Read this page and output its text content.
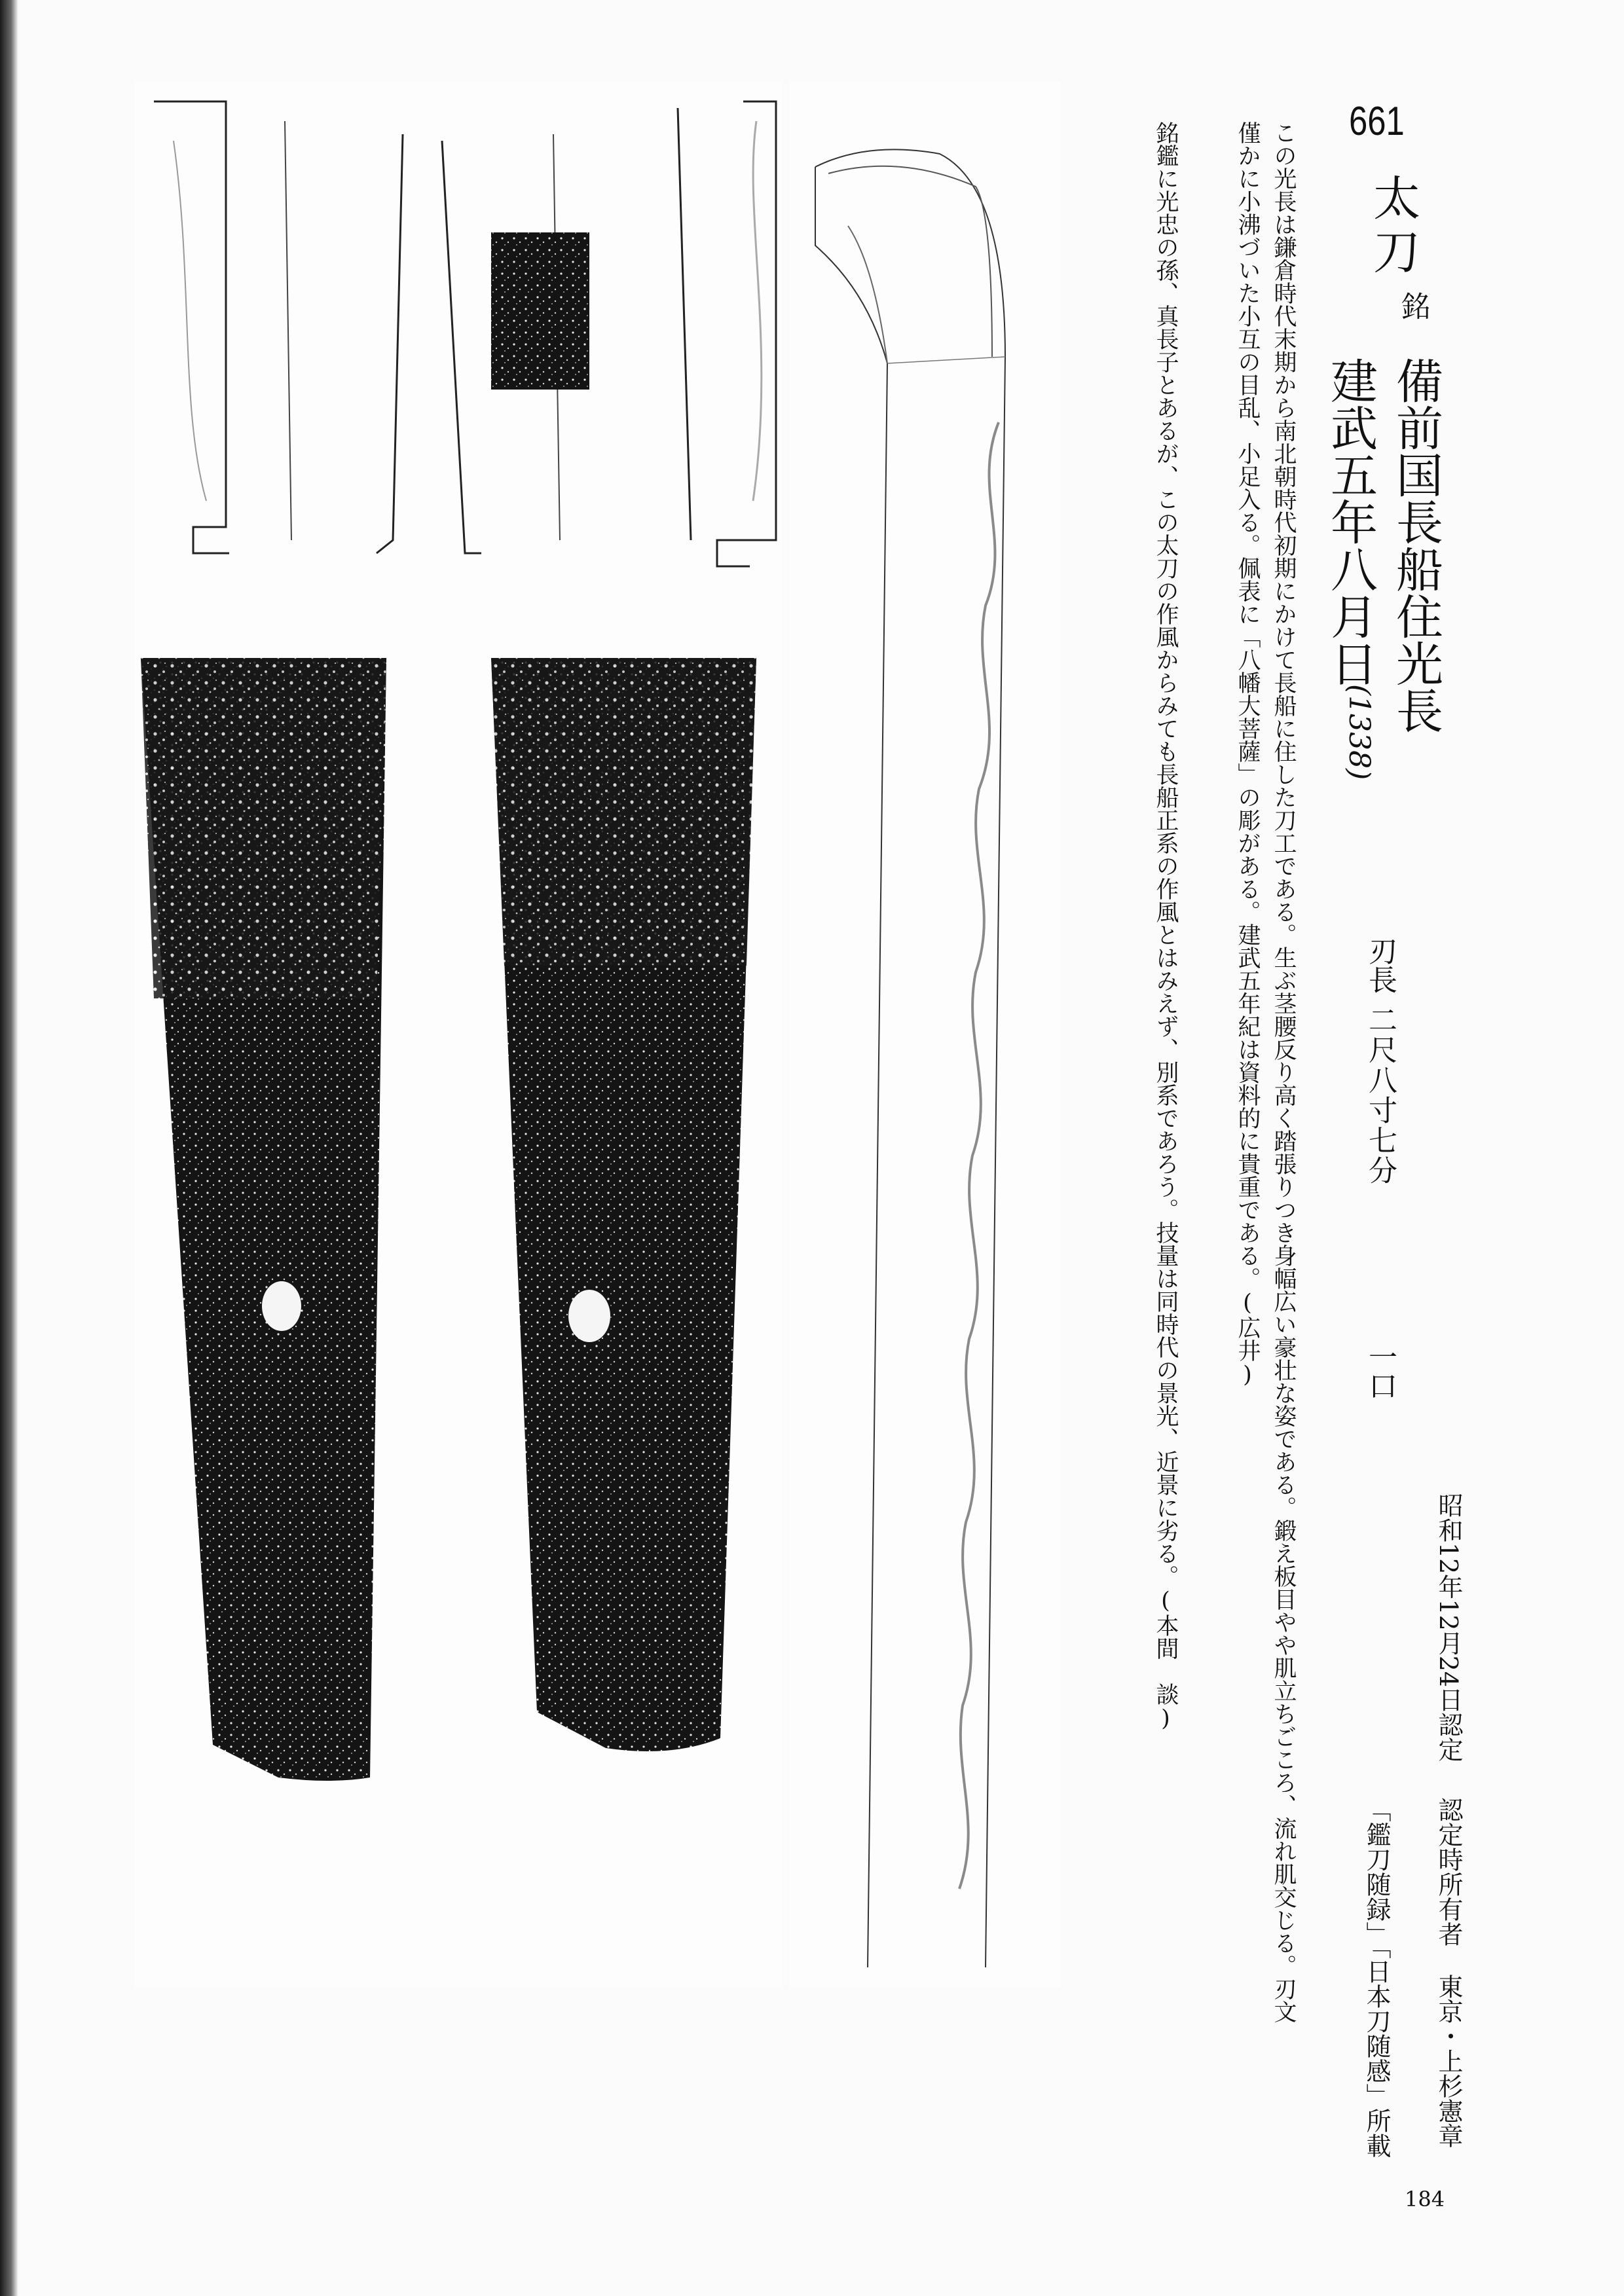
661
太刀
銘
備前国長船住光長
建武五年八月日
(1338)
刃長
二尺八寸七分
一口
昭和12年12月24日認定
認定時所有者
東京・上杉憲章
「鑑刀随録」「日本刀随感」所載
この光長は鎌倉時代末期から南北朝時代初期にかけて長船に住した刀工である。生ぶ茎腰反り高く踏張りつき身幅広い豪壮な姿である。鍛え板目やや肌立ちごころ、流れ肌交じる。刃文
僅かに小沸づいた小互の目乱、小足入る。佩表に「八幡大菩薩」の彫がある。建武五年紀は資料的に貴重である。(広井)
銘鑑に光忠の孫、真長子とあるが、この太刀の作風からみても長船正系の作風とはみえず、別系であろう。技量は同時代の景光、近景に劣る。(本間　談)
184
